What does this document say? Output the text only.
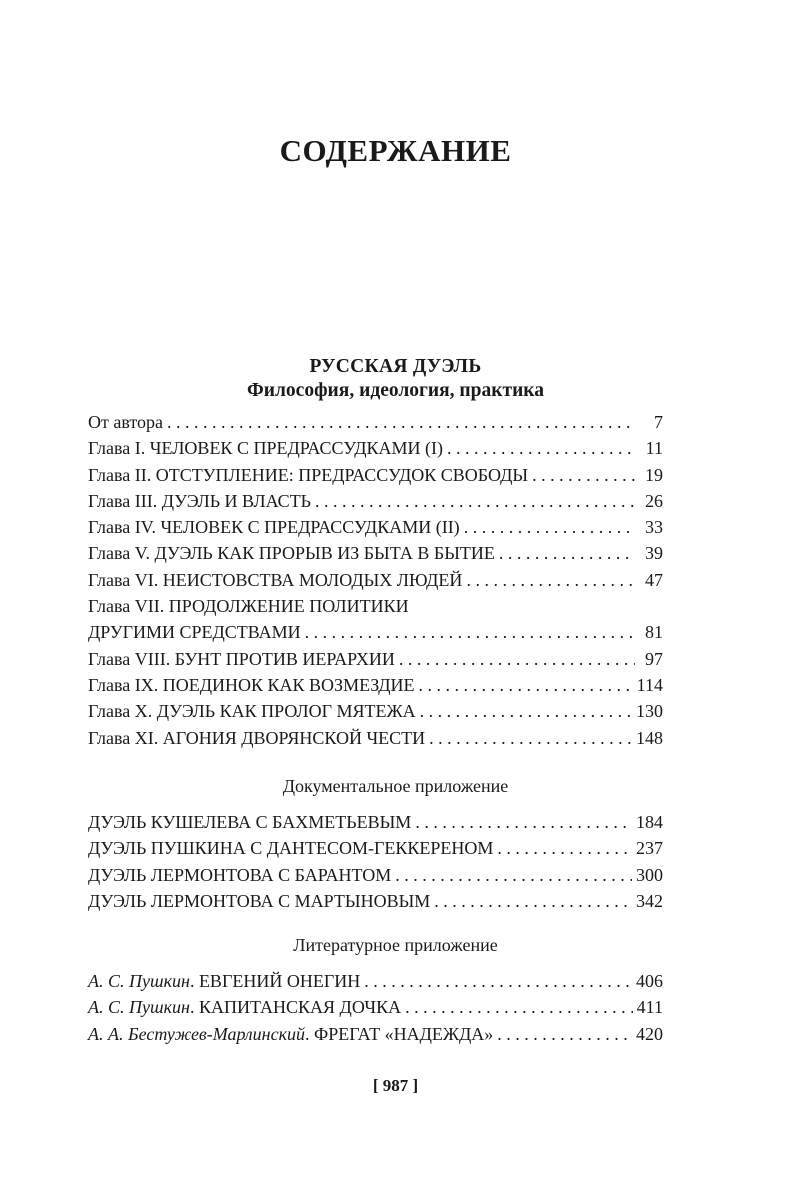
СОДЕРЖАНИЕ
РУССКАЯ ДУЭЛЬ
Философия, идеология, практика
От автора . . .	7
Глава I. ЧЕЛОВЕК С ПРЕДРАССУДКАМИ (I) . . .	11
Глава II. ОТСТУПЛЕНИЕ: ПРЕДРАССУДОК СВОБОДЫ . . .	19
Глава III. ДУЭЛЬ И ВЛАСТЬ . . .	26
Глава IV. ЧЕЛОВЕК С ПРЕДРАССУДКАМИ (II) . . .	33
Глава V. ДУЭЛЬ КАК ПРОРЫВ ИЗ БЫТА В БЫТИЕ . . .	39
Глава VI. НЕИСТОВСТВА МОЛОДЫХ ЛЮДЕЙ . . .	47
Глава VII. ПРОДОЛЖЕНИЕ ПОЛИТИКИ
ДРУГИМИ СРЕДСТВАМИ . . .	81
Глава VIII. БУНТ ПРОТИВ ИЕРАРХИИ . . .	97
Глава IX. ПОЕДИНОК КАК ВОЗМЕЗДИЕ . . .	114
Глава X. ДУЭЛЬ КАК ПРОЛОГ МЯТЕЖА . . .	130
Глава XI. АГОНИЯ ДВОРЯНСКОЙ ЧЕСТИ . . .	148

Документальное приложение

ДУЭЛЬ КУШЕЛЕВА С БАХМЕТЬЕВЫМ . . .	184
ДУЭЛЬ ПУШКИНА С ДАНТЕСОМ-ГЕККЕРЕНОМ . . .	237
ДУЭЛЬ ЛЕРМОНТОВА С БАРАНТОМ . . .	300
ДУЭЛЬ ЛЕРМОНТОВА С МАРТЫНОВЫМ . . .	342

Литературное приложение

А. С. Пушкин. ЕВГЕНИЙ ОНЕГИН . . .	406
А. С. Пушкин. КАПИТАНСКАЯ ДОЧКА . . .	411
А. А. Бестужев-Марлинский. ФРЕГАТ «НАДЕЖДА» . . .	420
[ 987 ]
